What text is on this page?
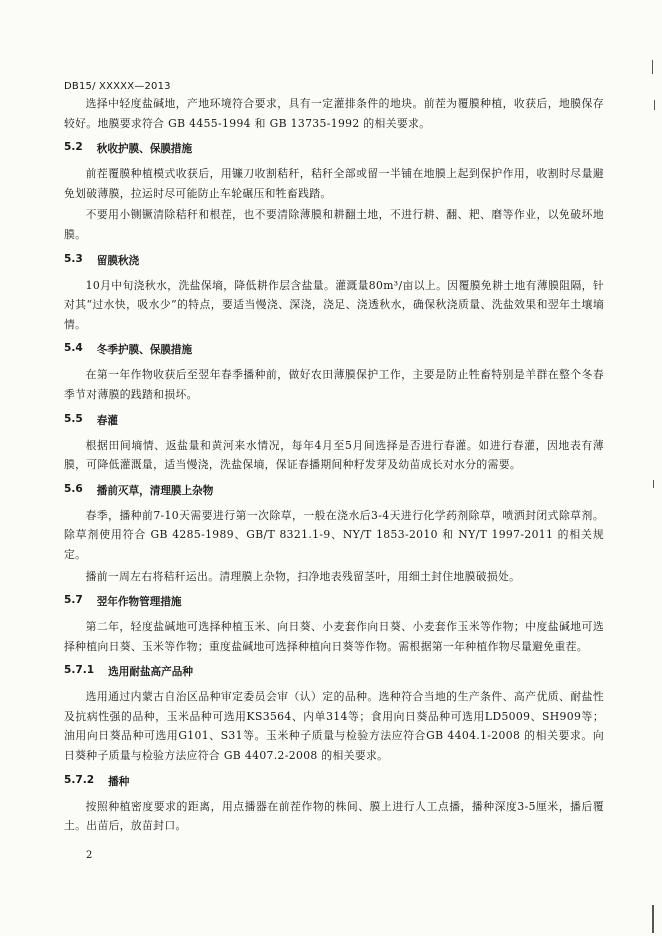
DB15/ XXXXX—2013

选择中轻度盐碱地，产地环境符合要求，具有一定灌排条件的地块。前茬为覆膜种植，收获后，地膜保存较好。地膜要求符合 GB 4455-1994 和 GB 13735-1992 的相关要求。

5.2 秋收护膜、保膜措施

前茬覆膜种植模式收获后，用镰刀收割秸秆，秸秆全部或留一半铺在地膜上起到保护作用，收割时尽量避免划破薄膜，拉运时尽可能防止车轮碾压和牲畜践踏。

不要用小铡镢清除秸秆和根茬，也不要清除薄膜和耕翻土地，不进行耕、翻、耙、磨等作业，以免破坏地膜。

5.3 留膜秋浇

10月中旬浇秋水，洗盐保墒，降低耕作层含盐量。灌溉量80m³/亩以上。因覆膜免耕土地有薄膜阻隔，针对其“过水快，吸水少”的特点，要适当慢浇、深浇，浇足、浇透秋水，确保秋浇质量、洗盐效果和翌年土壤墒情。

5.4 冬季护膜、保膜措施

在第一年作物收获后至翌年春季播种前，做好农田薄膜保护工作，主要是防止牲畜特别是羊群在整个冬春季节对薄膜的践踏和损坏。

5.5 春灌

根据田间墒情、返盐量和黄河来水情况，每年4月至5月间选择是否进行春灌。如进行春灌，因地表有薄膜，可降低灌溉量，适当慢浇，洗盐保墒，保证春播期间种籽发芽及幼苗成长对水分的需要。

5.6 播前灭草，清理膜上杂物

春季，播种前7-10天需要进行第一次除草，一般在浇水后3-4天进行化学药剂除草，喷洒封闭式除草剂。除草剂使用符合 GB 4285-1989、GB/T 8321.1-9、NY/T 1853-2010 和 NY/T 1997-2011 的相关规定。

播前一周左右将秸秆运出。清理膜上杂物，扫净地表残留茎叶，用细土封住地膜破损处。

5.7 翌年作物管理措施

第二年，轻度盐碱地可选择种植玉米、向日葵、小麦套作向日葵、小麦套作玉米等作物；中度盐碱地可选择种植向日葵、玉米等作物；重度盐碱地可选择种植向日葵等作物。需根据第一年种植作物尽量避免重茬。

5.7.1 选用耐盐高产品种

选用通过内蒙古自治区品种审定委员会审（认）定的品种。选种符合当地的生产条件、高产优质、耐盐性及抗病性强的品种，玉米品种可选用KS3564、内单314等；食用向日葵品种可选用LD5009、SH909等；油用向日葵品种可选用G101、S31等。玉米种子质量与检验方法应符合GB 4404.1-2008 的相关要求。向日葵种子质量与检验方法应符合 GB 4407.2-2008 的相关要求。

5.7.2 播种

按照种植密度要求的距离，用点播器在前茬作物的株间、膜上进行人工点播，播种深度3-5厘米，播后覆土。出苗后，放苗封口。

2
